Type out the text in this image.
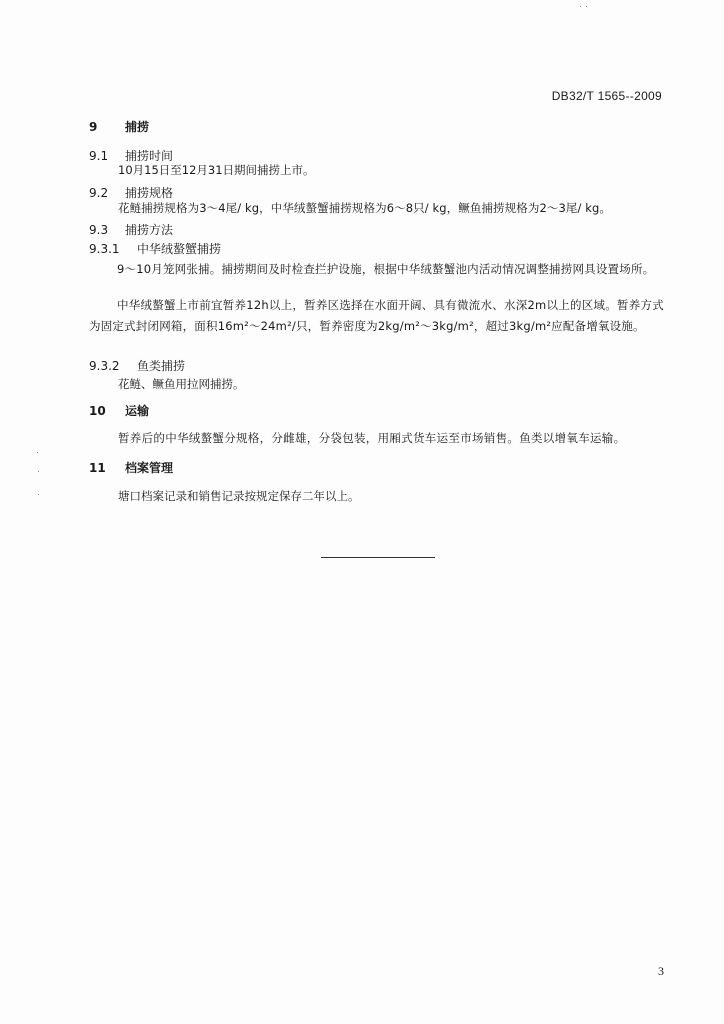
DB32/T 1565--2009
9 捕捞
9.1 捕捞时间
10月15日至12月31日期间捕捞上市。
9.2 捕捞规格
花鲢捕捞规格为3～4尾/ kg，中华绒螯蟹捕捞规格为6～8只/ kg，鳜鱼捕捞规格为2～3尾/ kg。
9.3 捕捞方法
9.3.1 中华绒螯蟹捕捞
9～10月笼网张捕。捕捞期间及时检查拦护设施，根据中华绒螯蟹池内活动情况调整捕捞网具设置场所。
中华绒螯蟹上市前宜暂养12h以上，暂养区选择在水面开阔、具有微流水、水深2m以上的区域。暂养方式为固定式封闭网箱，面积16m²～24m²/只，暂养密度为2kg/m²～3kg/m²，超过3kg/m²应配备增氧设施。
9.3.2 鱼类捕捞
花鲢、鳜鱼用拉网捕捞。
10 运输
暂养后的中华绒螯蟹分规格，分雌雄，分袋包装，用厢式货车运至市场销售。鱼类以增氧车运输。
11 档案管理
塘口档案记录和销售记录按规定保存二年以上。
3
